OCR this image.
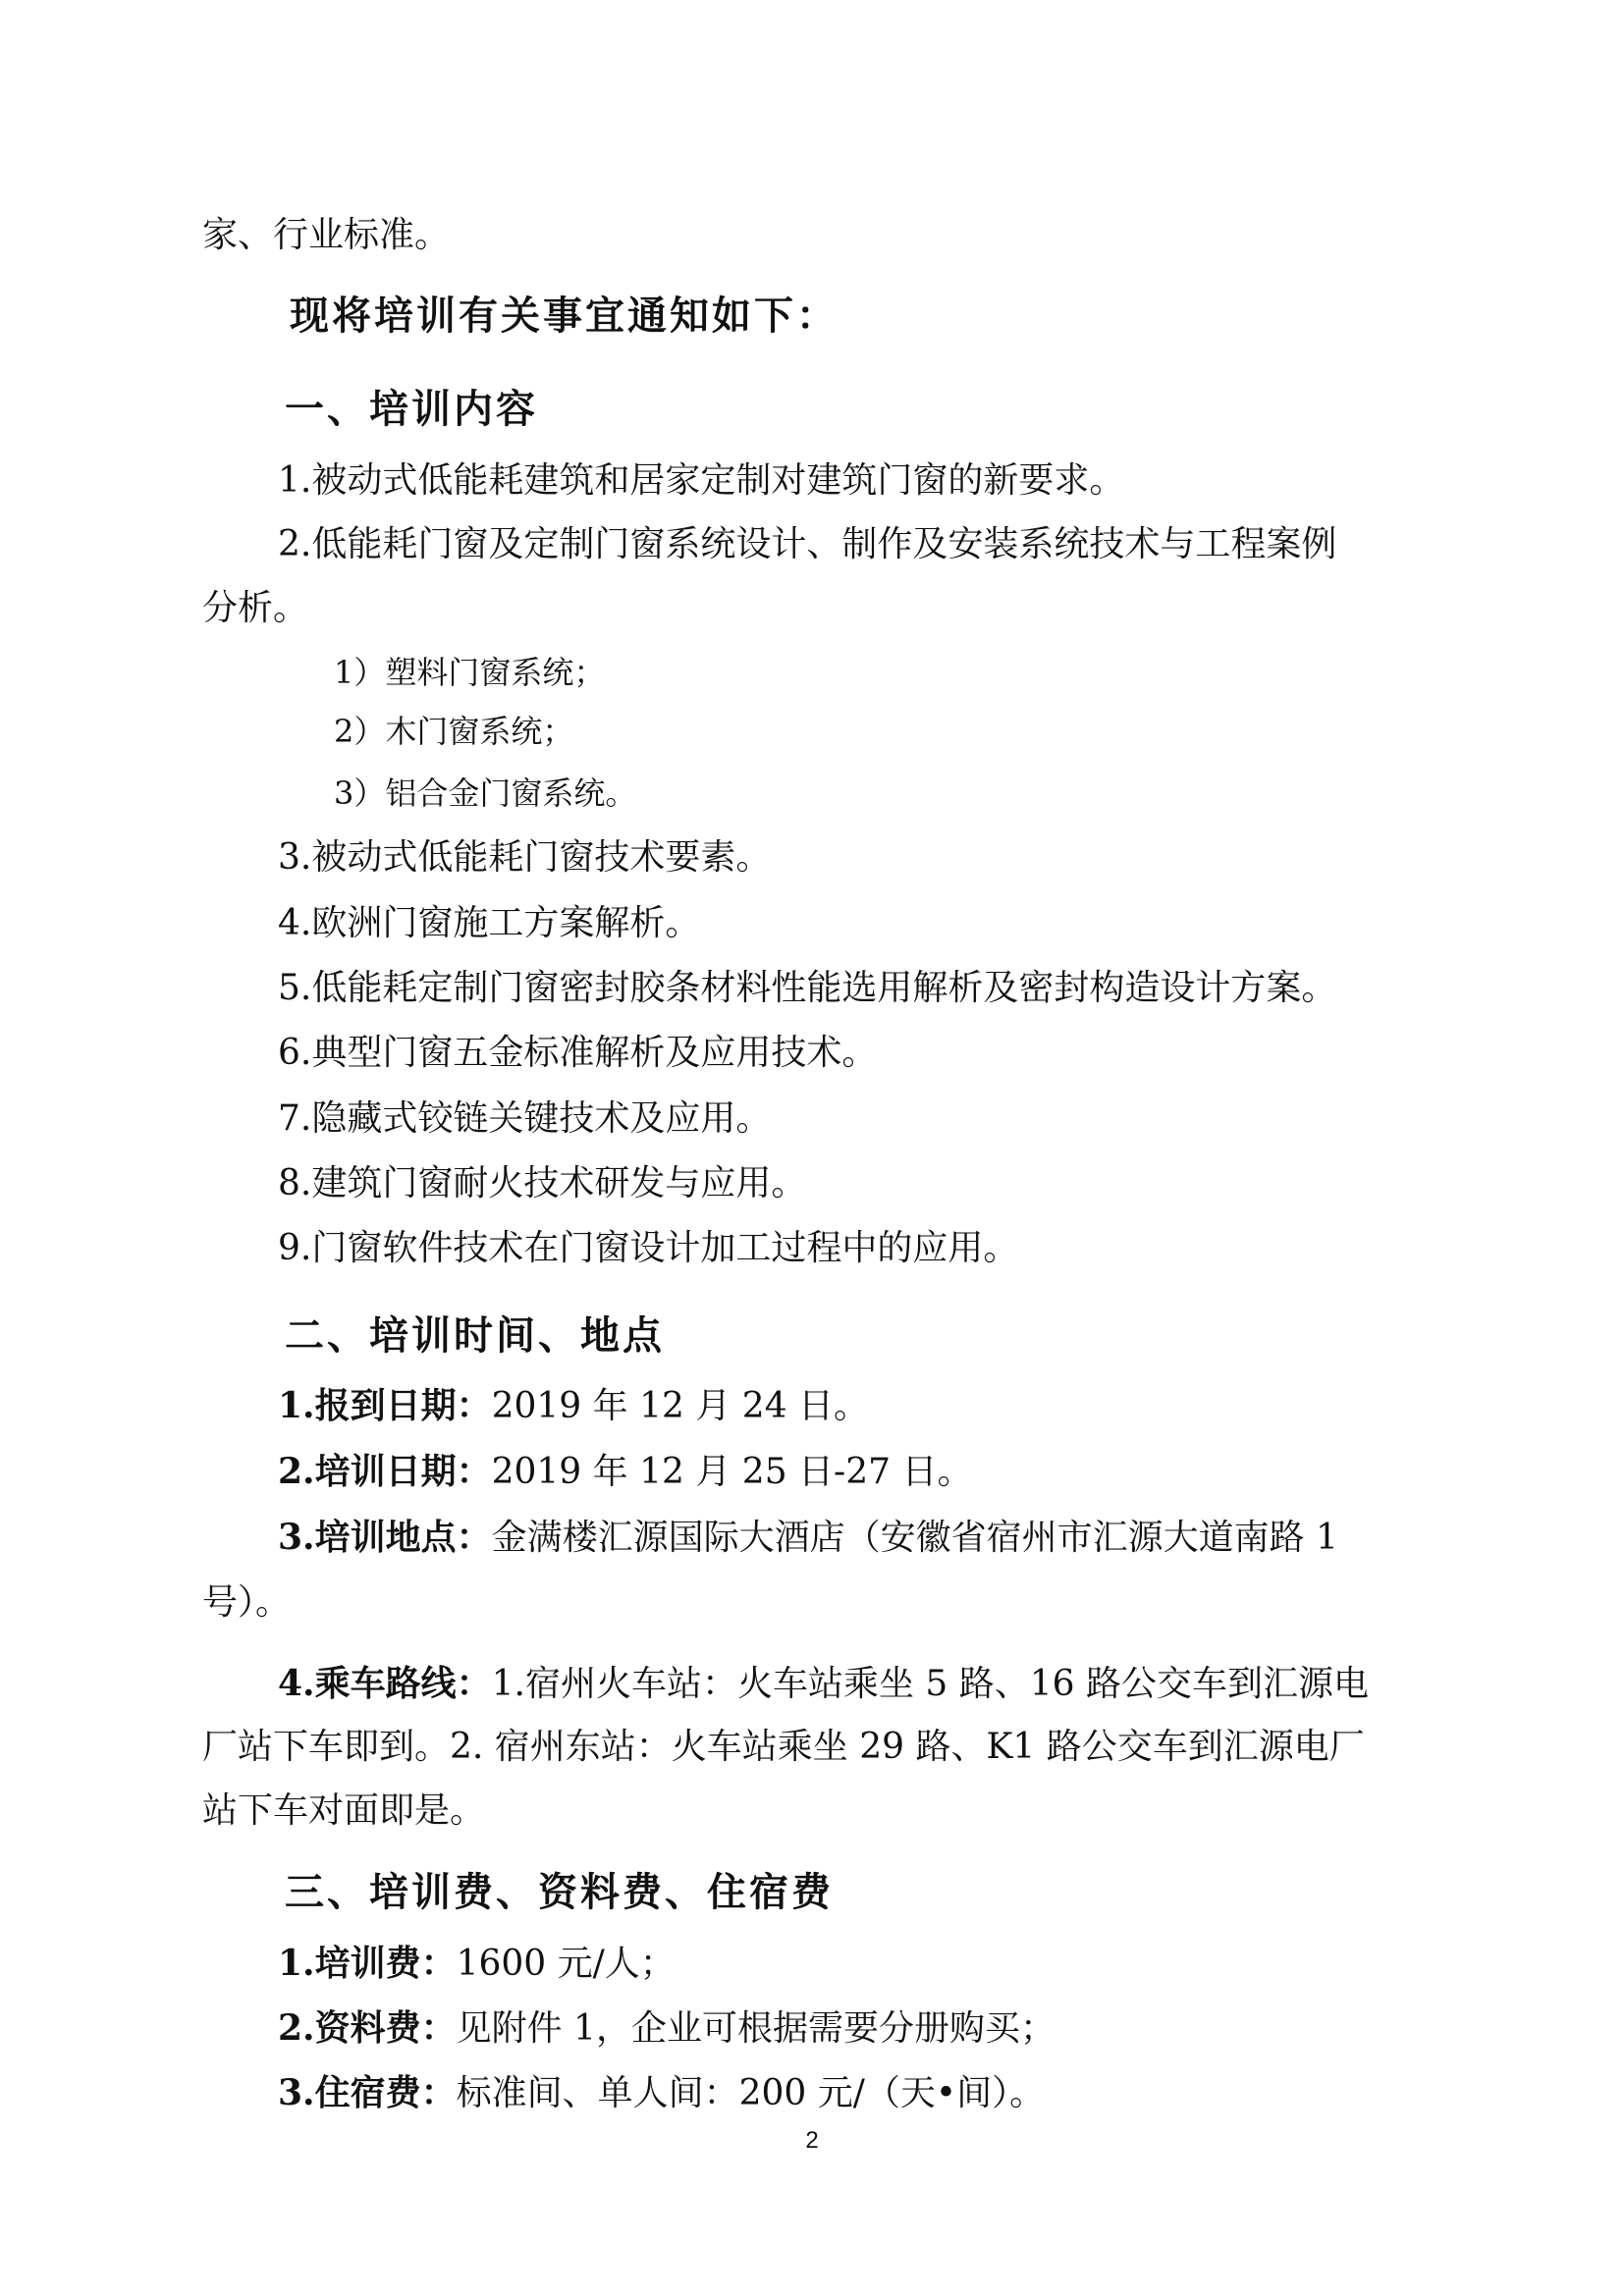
家、行业标准。

现将培训有关事宜通知如下：

一、培训内容

1.被动式低能耗建筑和居家定制对建筑门窗的新要求。

2.低能耗门窗及定制门窗系统设计、制作及安装系统技术与工程案例

分析。

1）塑料门窗系统；

2）木门窗系统；

3）铝合金门窗系统。

3.被动式低能耗门窗技术要素。

4.欧洲门窗施工方案解析。

5.低能耗定制门窗密封胶条材料性能选用解析及密封构造设计方案。

6.典型门窗五金标准解析及应用技术。

7.隐藏式铰链关键技术及应用。

8.建筑门窗耐火技术研发与应用。

9.门窗软件技术在门窗设计加工过程中的应用。

二、培训时间、地点

1.报到日期：2019 年 12 月 24 日。

2.培训日期：2019 年 12 月 25 日-27 日。

3.培训地点：金满楼汇源国际大酒店（安徽省宿州市汇源大道南路 1

号）。

4.乘车路线：1.宿州火车站：火车站乘坐 5 路、16 路公交车到汇源电

厂站下车即到。2. 宿州东站：火车站乘坐 29 路、K1 路公交车到汇源电厂

站下车对面即是。

三、培训费、资料费、住宿费

1.培训费：1600 元/人；

2.资料费：见附件 1，企业可根据需要分册购买；

3.住宿费：标准间、单人间：200 元/（天•间）。

2
